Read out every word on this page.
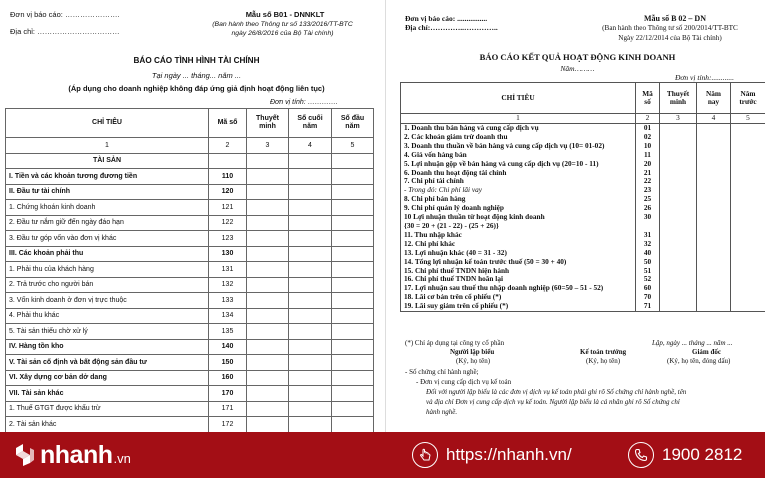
Đơn vị báo cáo: ………………….
Địa chỉ: ……………………………
Mẫu số B01 - DNNKLT
(Ban hành theo Thông tư số 133/2016/TT-BTC
ngày 26/8/2016 của Bộ Tài chính)
BÁO CÁO TÌNH HÌNH TÀI CHÍNH
Tại ngày ... tháng... năm ...
(Áp dụng cho doanh nghiệp không đáp ứng giả định hoạt động liên tục)
Đơn vị tính: ………….
CHỈ TIÊU	Mã số	Thuyết minh	Số cuối năm	Số đầu năm
1	2	3	4	5
TÀI SẢN				
I. Tiền và các khoản tương đương tiền	110			
II. Đầu tư tài chính	120			
1. Chứng khoán kinh doanh	121			
2. Đầu tư nắm giữ đến ngày đáo hạn	122			
3. Đầu tư góp vốn vào đơn vị khác	123			
III. Các khoản phải thu	130			
1. Phải thu của khách hàng	131			
2. Trả trước cho người bán	132			
3. Vốn kinh doanh ở đơn vị trực thuộc	133			
4. Phải thu khác	134			
5. Tài sản thiếu chờ xử lý	135			
IV. Hàng tồn kho	140			
V. Tài sản cố định và bất động sản đầu tư	150			
VI. Xây dựng cơ bản dở dang	160			
VII. Tài sản khác	170			
1. Thuế GTGT được khấu trừ	171			
2. Tài sản khác	172			

Đơn vị báo cáo: ................
Địa chỉ:…………..…………..
Mẫu số B 02 – DN
(Ban hành theo Thông tư số 200/2014/TT-BTC
Ngày 22/12/2014 của Bộ Tài chính)
BÁO CÁO KẾT QUẢ HOẠT ĐỘNG KINH DOANH
Năm………
Đơn vị tính:............
CHỈ TIÊU	Mã số	Thuyết minh	Năm nay	Năm trước
1	2	3	4	5
1. Doanh thu bán hàng và cung cấp dịch vụ	01			
2. Các khoản giảm trừ doanh thu	02			
3. Doanh thu thuần về bán hàng và cung cấp dịch vụ (10= 01-02)	10			
4. Giá vốn hàng bán	11			
5. Lợi nhuận gộp về bán hàng và cung cấp dịch vụ (20=10 - 11)	20			
6. Doanh thu hoạt động tài chính	21			
7. Chi phí tài chính	22			
- Trong đó: Chi phí lãi vay	23			
8. Chi phí bán hàng	25			
9. Chi phí quản lý doanh nghiệp	26			
10 Lợi nhuận thuần từ hoạt động kinh doanh	30			
{30 = 20 + (21 - 22) - (25 + 26)}				
11. Thu nhập khác	31			
12. Chi phí khác	32			
13. Lợi nhuận khác (40 = 31 - 32)	40			
14. Tổng lợi nhuận kế toán trước thuế (50 = 30 + 40)	50			
15. Chi phí thuế TNDN hiện hành	51			
16. Chi phí thuế TNDN hoãn lại	52			
17. Lợi nhuận sau thuế thu nhập doanh nghiệp (60=50 – 51 - 52)	60			
18. Lãi cơ bản trên cổ phiếu (*)	70			
19. Lãi suy giảm trên cổ phiếu (*)	71			
(*) Chỉ áp dụng tại công ty cổ phần	Lập, ngày ... tháng ... năm ...
Người lập biểu
(Ký, họ tên)
Kế toán trưởng
(Ký, họ tên)
Giám đốc
(Ký, họ tên, đóng dấu)
- Số chứng chỉ hành nghề;
- Đơn vị cung cấp dịch vụ kế toán
Đối với người lập biểu là các đơn vị dịch vụ kế toán phải ghi rõ Số chứng chỉ hành nghề, tên
và địa chỉ Đơn vị cung cấp dịch vụ kế toán. Người lập biểu là cá nhân ghi rõ Số chứng chỉ
hành nghề.
nhanh .vn	https://nhanh.vn/	1900 2812
